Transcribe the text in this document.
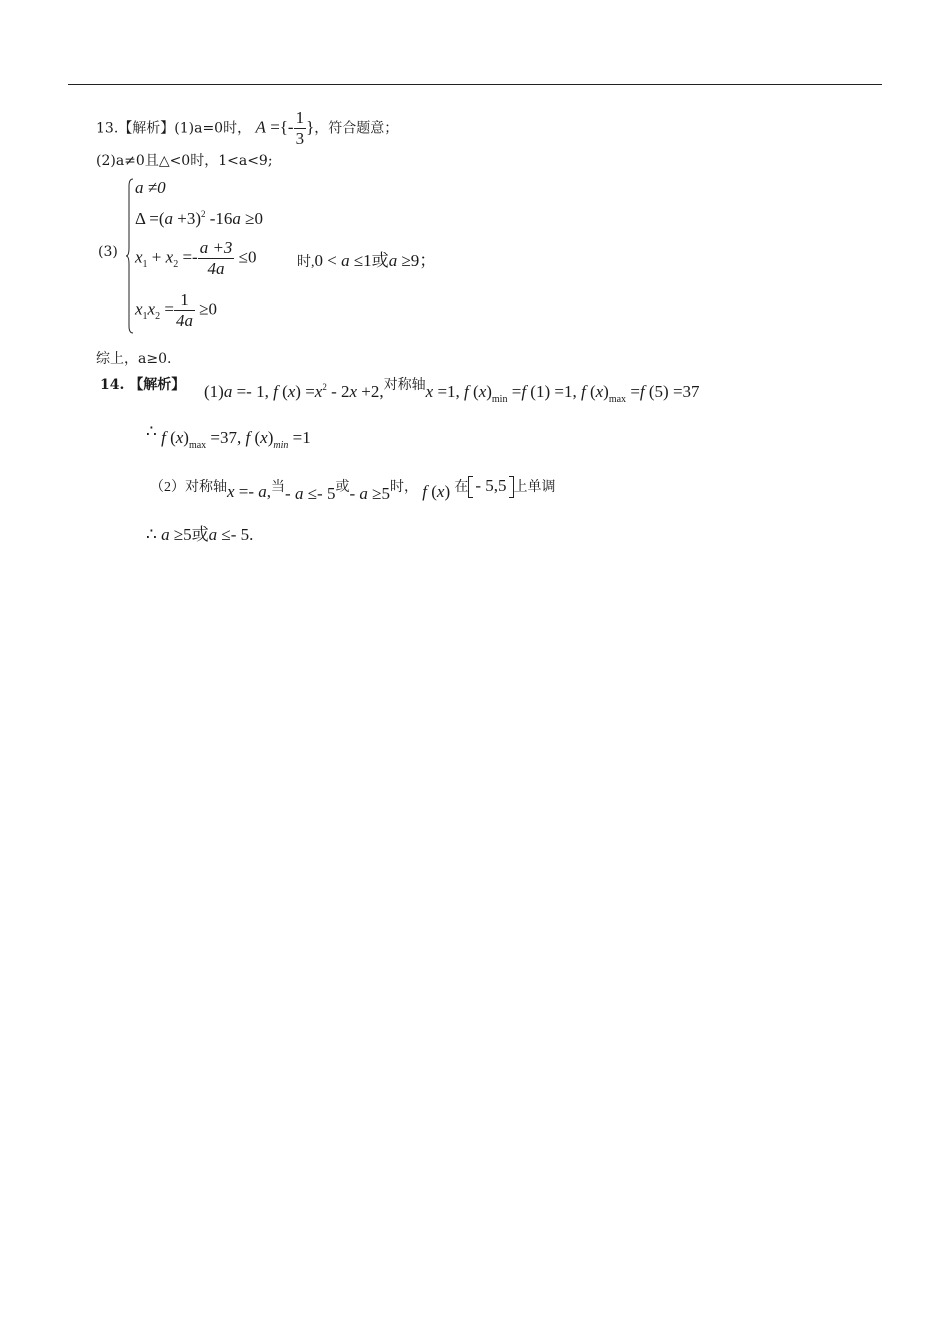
13.【解析】(1)a=0时， A ={- $\frac{1}{3}$ }，符合题意；
(2)a≠0且△<0时，1<a<9;
(3)
a ≠0
$\Delta =(a +3)^2$ -16a ≥0
$x_1 + x_2 =- \frac{a +3}{4a} \le 0$	时,0 < a ≤1或a ≥9；
$x_1x_2 = \frac{1}{4a} \ge 0$
综上，a≥0.
14. 【解析】 (1)a =- 1, f $(x) =x^2 - 2x +2,^{对称轴}x =1$, f $(x)_{min} =f$ (1) =1, f $(x)_{max} =f$ (5) =37
∴ f $(x)_{max} =37$, f $(x)_{min} =1$
（2）对称轴x =- a,当- a ≤- 5或- a ≥5时， f (x) 在 - 5,5 上单调
∴ a ≥5或a ≤- 5.
